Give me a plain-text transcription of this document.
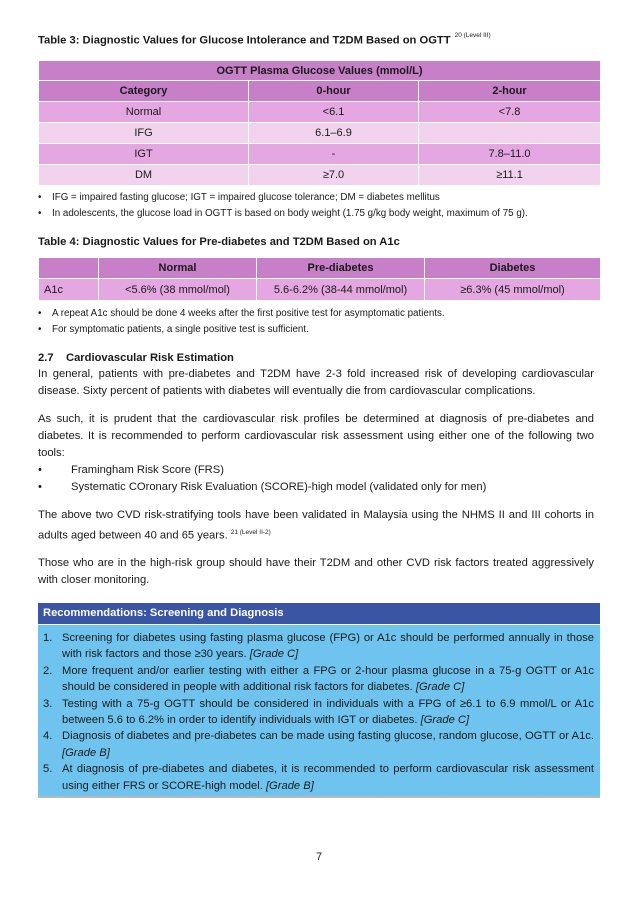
Table 3: Diagnostic Values for Glucose Intolerance and T2DM Based on OGTT $^{20 (Level III)}$
OGTT Plasma Glucose Values (mmol/L)		
Category	0-hour	2-hour
Normal	<6.1	<7.8
IFG	6.1–6.9	
IGT	-	7.8–11.0
DM	≥7.0	≥11.1
•	IFG = impaired fasting glucose; IGT = impaired glucose tolerance; DM = diabetes mellitus
•	In adolescents, the glucose load in OGTT is based on body weight (1.75 g/kg body weight, maximum of 75 g).
Table 4: Diagnostic Values for Pre-diabetes and T2DM Based on A1c
	Normal	Pre-diabetes	Diabetes
A1c	<5.6% (38 mmol/mol)	5.6-6.2% (38-44 mmol/mol)	≥6.3% (45 mmol/mol)
•	A repeat A1c should be done 4 weeks after the first positive test for asymptomatic patients.
•	For symptomatic patients, a single positive test is sufficient.
2.7 Cardiovascular Risk Estimation
In general, patients with pre-diabetes and T2DM have 2-3 fold increased risk of developing cardiovascular disease. Sixty percent of patients with diabetes will eventually die from cardiovascular complications.
As such, it is prudent that the cardiovascular risk profiles be determined at diagnosis of pre-diabetes and diabetes. It is recommended to perform cardiovascular risk assessment using either one of the following two tools:
•	Framingham Risk Score (FRS)
•	Systematic COronary Risk Evaluation (SCORE)-high model (validated only for men)
The above two CVD risk-stratifying tools have been validated in Malaysia using the NHMS II and III cohorts in adults aged between 40 and 65 years. $^{21 (Level II-2)}$
Those who are in the high-risk group should have their T2DM and other CVD risk factors treated aggressively with closer monitoring.
Recommendations: Screening and Diagnosis
1. Screening for diabetes using fasting plasma glucose (FPG) or A1c should be performed annually in those with risk factors and those ≥30 years. [Grade C]
2. More frequent and/or earlier testing with either a FPG or 2-hour plasma glucose in a 75-g OGTT or A1c should be considered in people with additional risk factors for diabetes. [Grade C]
3. Testing with a 75-g OGTT should be considered in individuals with a FPG of ≥6.1 to 6.9 mmol/L or A1c between 5.6 to 6.2% in order to identify individuals with IGT or diabetes. [Grade C]
4. Diagnosis of diabetes and pre-diabetes can be made using fasting glucose, random glucose, OGTT or A1c. [Grade B]
5. At diagnosis of pre-diabetes and diabetes, it is recommended to perform cardiovascular risk assessment using either FRS or SCORE-high model. [Grade B]
7
